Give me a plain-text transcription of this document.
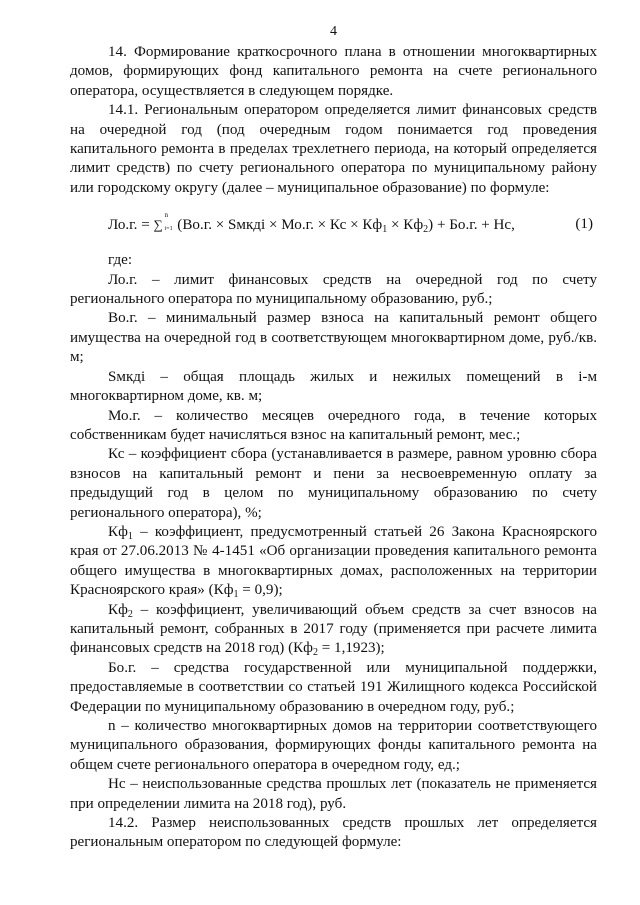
4

14. Формирование краткосрочного плана в отношении многоквартирных домов, формирующих фонд капитального ремонта на счете регионального оператора, осуществляется в следующем порядке.

14.1. Региональным оператором определяется лимит финансовых средств на очередной год (под очередным годом понимается год проведения капитального ремонта в пределах трехлетнего периода, на который определяется лимит средств) по счету регионального оператора по муниципальному району или городскому округу (далее – муниципальное образование) по формуле:

Ло.г. = ∑
n
i=1 (Во.г. × Sмкдi × Мо.г. × Кс × $Кф_1 \times Кф_2) + Бо.г$. + Нс,	(1)

где:

Ло.г. – лимит финансовых средств на очередной год по счету регионального оператора по муниципальному образованию, руб.;

Во.г. – минимальный размер взноса на капитальный ремонт общего имущества на очередной год в соответствующем многоквартирном доме, руб./кв. м;

Sмкдi – общая площадь жилых и нежилых помещений в i-м многоквартирном доме, кв. м;

Мо.г. – количество месяцев очередного года, в течение которых собственникам будет начисляться взнос на капитальный ремонт, мес.;

Кс – коэффициент сбора (устанавливается в размере, равном уровню сбора взносов на капитальный ремонт и пени за несвоевременную оплату за предыдущий год в целом по муниципальному образованию по счету регионального оператора), %;

$Кф_1$ – коэффициент, предусмотренный статьей 26 Закона Красноярского края от 27.06.2013 № 4-1451 «Об организации проведения капитального ремонта общего имущества в многоквартирных домах, расположенных на территории Красноярского края» $(Кф_1 = 0,9)$;

$Кф_2$ – коэффициент, увеличивающий объем средств за счет взносов на капитальный ремонт, собранных в 2017 году (применяется при расчете лимита финансовых средств на 2018 год) $(Кф_2 = 1,1923)$;

Бо.г. – средства государственной или муниципальной поддержки, предоставляемые в соответствии со статьей 191 Жилищного кодекса Российской Федерации по муниципальному образованию в очередном году, руб.;

n – количество многоквартирных домов на территории соответствующего муниципального образования, формирующих фонды капитального ремонта на общем счете регионального оператора в очередном году, ед.;

Нс – неиспользованные средства прошлых лет (показатель не применяется при определении лимита на 2018 год), руб.

14.2. Размер неиспользованных средств прошлых лет определяется региональным оператором по следующей формуле:
